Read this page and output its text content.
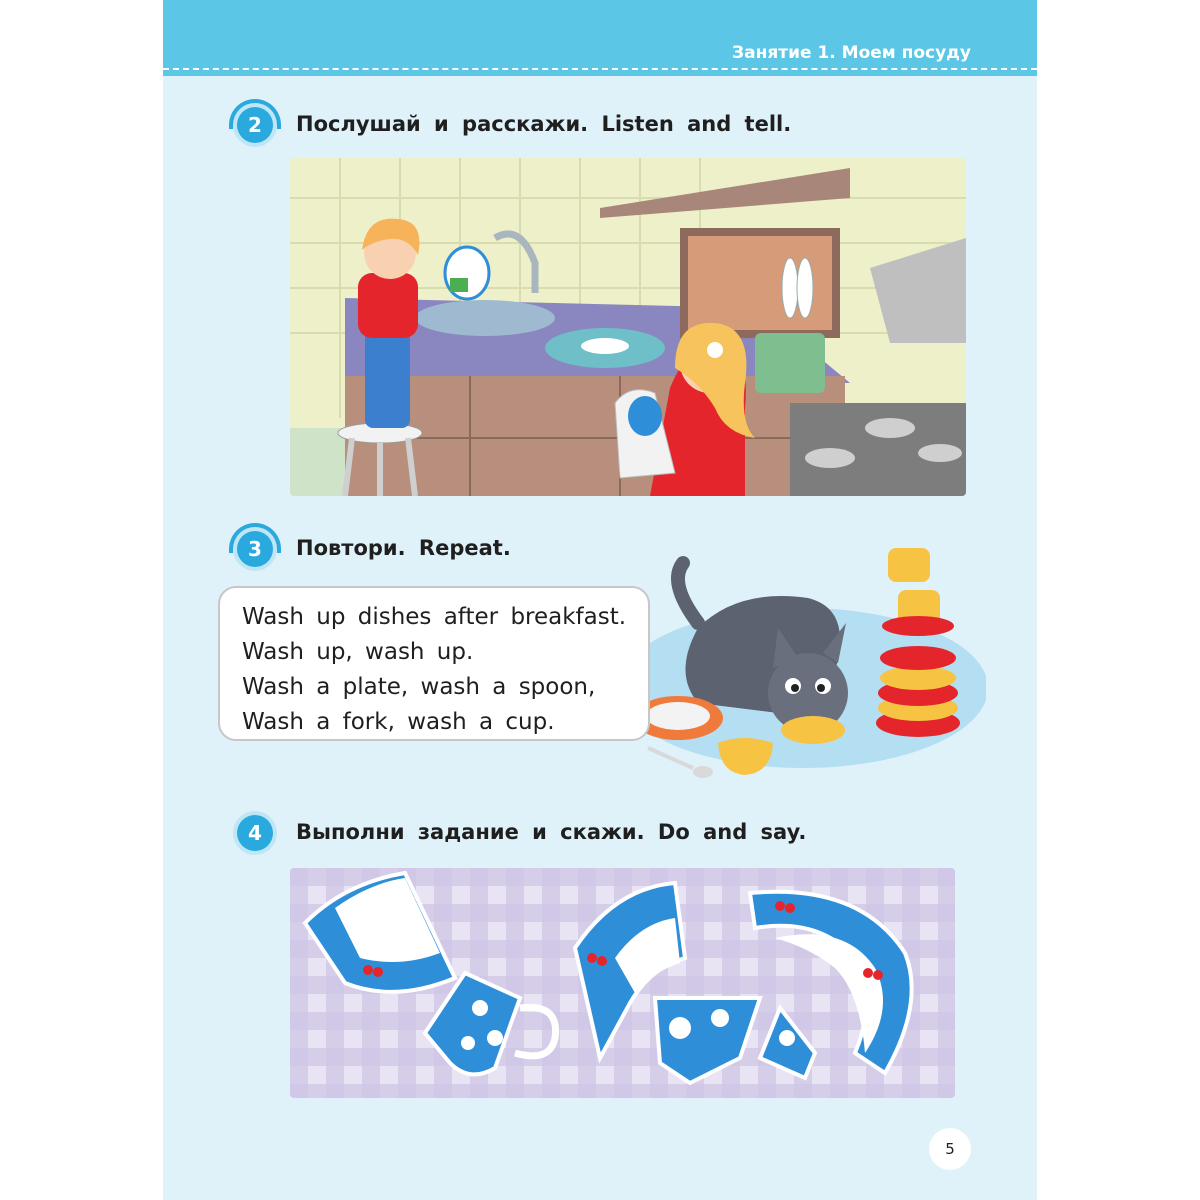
Занятие 1. Моем посуду
2 Послушай и расскажи. Listen and tell.
3 Повтори. Repeat.
Wash up dishes after breakfast.
Wash up, wash up.
Wash a plate, wash a spoon,
Wash a fork, wash a cup.
4 Выполни задание и скажи. Do and say.
5
